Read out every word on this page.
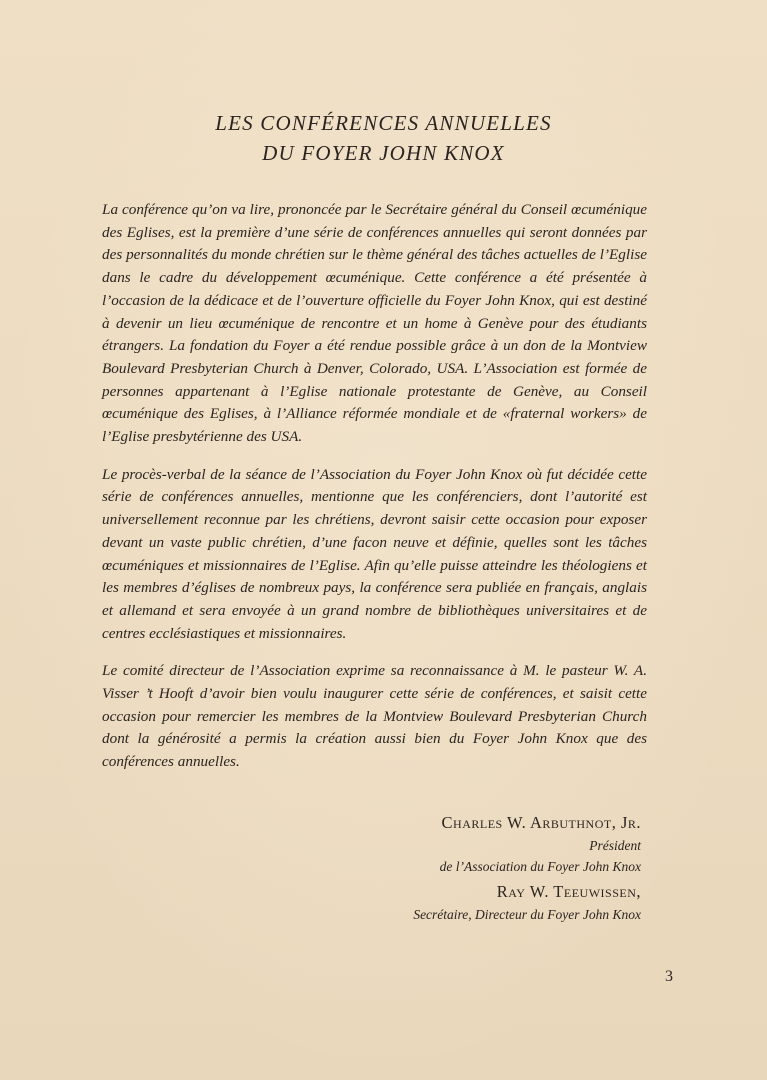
LES CONFÉRENCES ANNUELLES
DU FOYER JOHN KNOX

La conférence qu’on va lire, prononcée par le Secrétaire général du Conseil œcuménique des Eglises, est la première d’une série de conférences annuelles qui seront données par des personnalités du monde chrétien sur le thème général des tâches actuelles de l’Eglise dans le cadre du développement œcuménique. Cette conférence a été présentée à l’occasion de la dédicace et de l’ouverture officielle du Foyer John Knox, qui est destiné à devenir un lieu œcuménique de rencontre et un home à Genève pour des étudiants étrangers. La fondation du Foyer a été rendue possible grâce à un don de la Montview Boulevard Presbyterian Church à Denver, Colorado, USA. L’Association est formée de personnes appartenant à l’Eglise nationale protestante de Genève, au Conseil œcuménique des Eglises, à l’Alliance réformée mondiale et de «fraternal workers» de l’Eglise presbytérienne des USA.

Le procès-verbal de la séance de l’Association du Foyer John Knox où fut décidée cette série de conférences annuelles, mentionne que les conférenciers, dont l’autorité est universellement reconnue par les chrétiens, devront saisir cette occasion pour exposer devant un vaste public chrétien, d’une facon neuve et définie, quelles sont les tâches œcuméniques et missionnaires de l’Eglise. Afin qu’elle puisse atteindre les théologiens et les membres d’églises de nombreux pays, la conférence sera publiée en français, anglais et allemand et sera envoyée à un grand nombre de bibliothèques universitaires et de centres ecclésiastiques et missionnaires.

Le comité directeur de l’Association exprime sa reconnaissance à M. le pasteur W. A. Visser ’t Hooft d’avoir bien voulu inaugurer cette série de conférences, et saisit cette occasion pour remercier les membres de la Montview Boulevard Presbyterian Church dont la générosité a permis la création aussi bien du Foyer John Knox que des conférences annuelles.

Charles W. Arbuthnot, Jr.
Président
de l’Association du Foyer John Knox
Ray W. Teeuwissen,
Secrétaire, Directeur du Foyer John Knox
3
